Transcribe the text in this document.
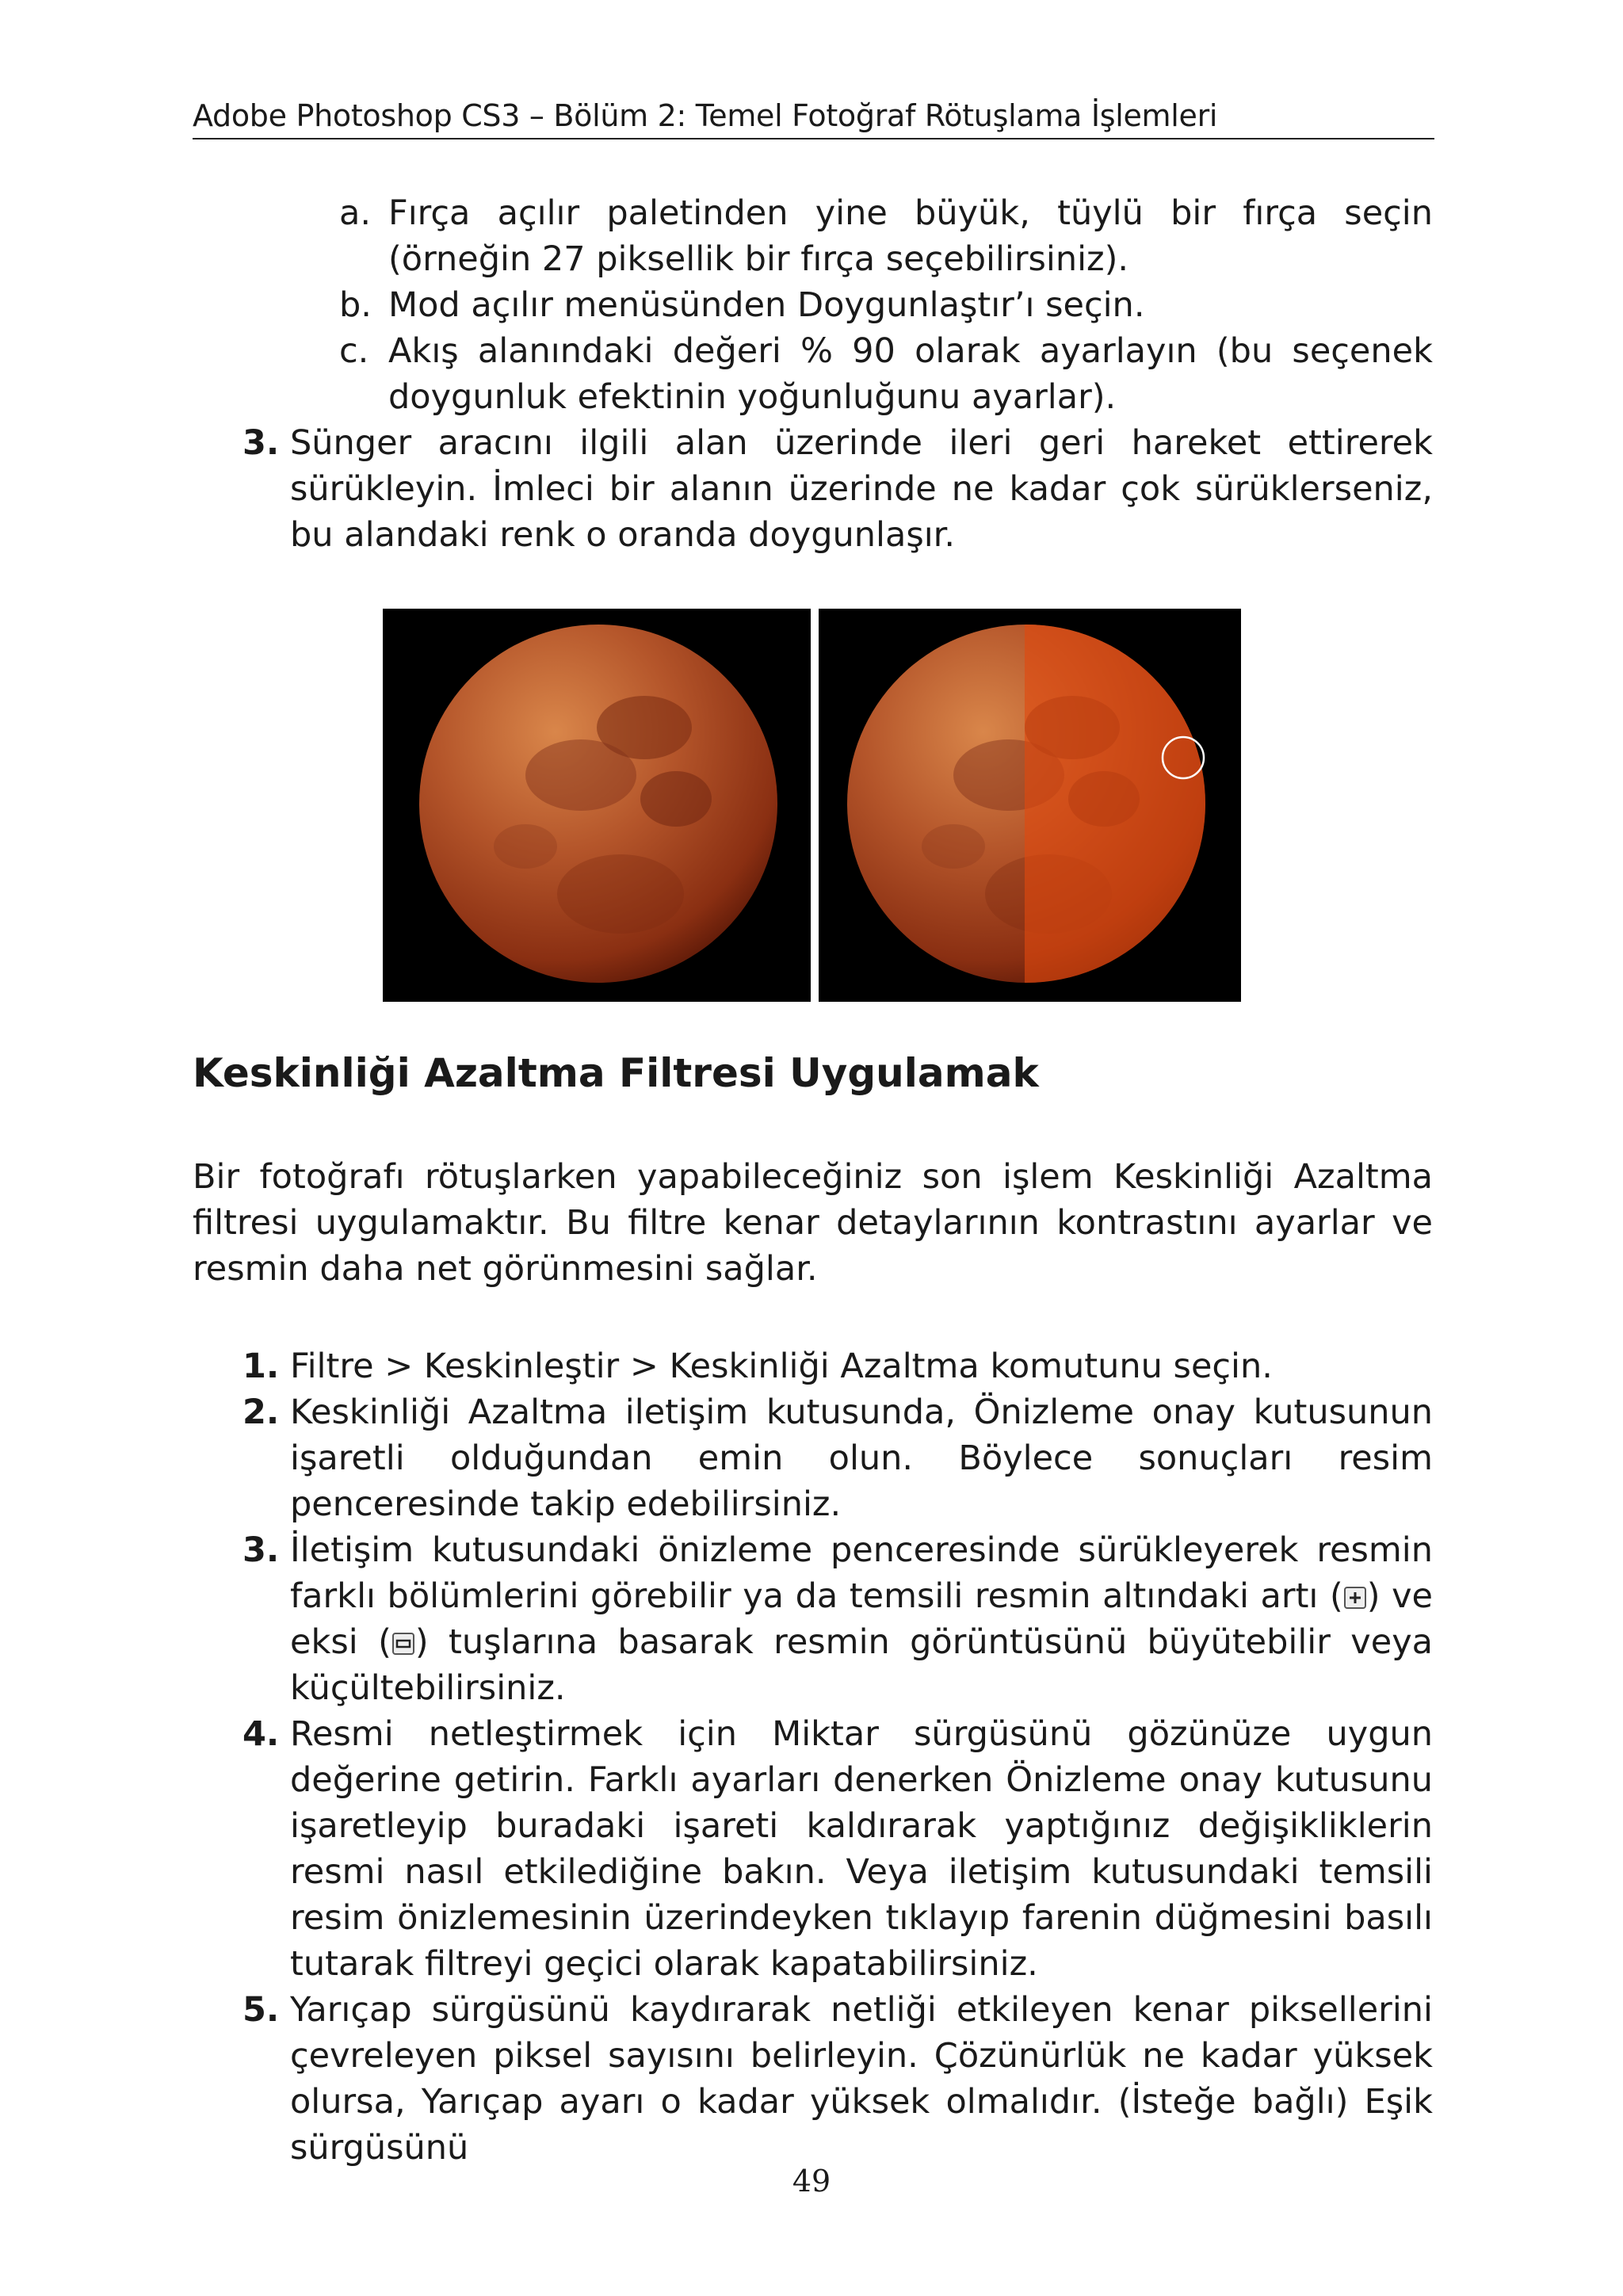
Adobe Photoshop CS3 – Bölüm 2: Temel Fotoğraf Rötuşlama İşlemleri
a. Fırça açılır paletinden yine büyük, tüylü bir fırça seçin (örneğin 27 piksellik bir fırça seçebilirsiniz).
b. Mod açılır menüsünden Doygunlaştır’ı seçin.
c. Akış alanındaki değeri % 90 olarak ayarlayın (bu seçenek doygunluk efektinin yoğunluğunu ayarlar).
3. Sünger aracını ilgili alan üzerinde ileri geri hareket ettirerek sürükleyin. İmleci bir alanın üzerinde ne kadar çok sürüklerseniz, bu alandaki renk o oranda doygunlaşır.
Keskinliği Azaltma Filtresi Uygulamak
Bir fotoğrafı rötuşlarken yapabileceğiniz son işlem Keskinliği Azaltma filtresi uygulamaktır. Bu filtre kenar detaylarının kontrastını ayarlar ve resmin daha net görünmesini sağlar.
1. Filtre > Keskinleştir > Keskinliği Azaltma komutunu seçin.
2. Keskinliği Azaltma iletişim kutusunda, Önizleme onay kutusunun işaretli olduğundan emin olun. Böylece sonuçları resim penceresinde takip edebilirsiniz.
3. İletişim kutusundaki önizleme penceresinde sürükleyerek resmin farklı bölümlerini görebilir ya da temsili resmin altındaki artı ( ) ve eksi ( ) tuşlarına basarak resmin görüntüsünü büyütebilir veya küçültebilirsiniz.
4. Resmi netleştirmek için Miktar sürgüsünü gözünüze uygun değerine getirin. Farklı ayarları denerken Önizleme onay kutusunu işaretleyip buradaki işareti kaldırarak yaptığınız değişikliklerin resmi nasıl etkilediğine bakın. Veya iletişim kutusundaki temsili resim önizlemesinin üzerindeyken tıklayıp farenin düğmesini basılı tutarak filtreyi geçici olarak kapatabilirsiniz.
5. Yarıçap sürgüsünü kaydırarak netliği etkileyen kenar piksellerini çevreleyen piksel sayısını belirleyin. Çözünürlük ne kadar yüksek olursa, Yarıçap ayarı o kadar yüksek olmalıdır. (İsteğe bağlı) Eşik sürgüsünü
49
